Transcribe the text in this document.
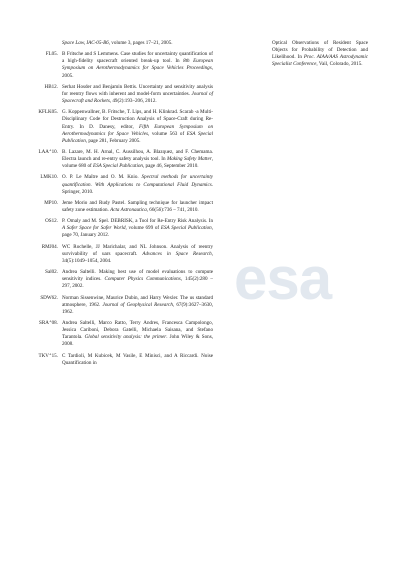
esa
Space Law, IAC-05-B6, volume 3, pages 17–21, 2005.
FL05. B Fritsche and S Lemmens. Case studies for uncertainty quantification of a high-fidelity spacecraft oriented break-up tool. In 8th European Symposium on Aerothermodynamics for Space Vehicles Proceedings, 2005.
HB12. Serhat Hosder and Benjamin Bettis. Uncertainty and sensitivity analysis for reentry flows with inherent and model-form uncertainties. Journal of Spacecraft and Rockets, 49(2):193–206, 2012.
KFLK05. G. Koppenwallner, B. Fritsche, T. Lips, and H. Klinkrad. Scarab -a Multi-Disciplinary Code for Destruction Analysis of Space-Craft during Re-Entry. In D. Danesy, editor, Fifth European Symposium on Aerothermodynamics for Space Vehicles, volume 563 of ESA Special Publication, page 281, February 2005.
LAA⁺10. B. Lazare, M. H. Arnal, C. Aussilhou, A. Blazquez, and F. Chemama. Electra launch and re-entry safety analysis tool. In Making Safety Matter, volume 680 of ESA Special Publication, page 46, September 2010.
LMK10. O. P. Le Maître and O. M. Knio. Spectral methods for uncertainty quantification. With Applications to Computational Fluid Dynamics. Springer, 2010.
MP10. Jeme Morio and Rudy Pastel. Sampling technique for launcher impact safety zone estimation. Acta Astronautica, 66(56):736 – 741, 2010.
OS12. P. Omaly and M. Spel. DEBRISK, a Tool for Re-Entry Risk Analysis. In A Safer Space for Safer World, volume 699 of ESA Special Publication, page 70, January 2012.
RMJ04. WC Rochelle, JJ Marichalar, and NL Johnson. Analysis of reentry survivability of uars spacecraft. Advances in Space Research, 34(5):1049–1054, 2004.
Sal02. Andrea Saltelli. Making best use of model evaluations to compute sensitivity indices. Computer Physics Communications, 145(2):280 – 297, 2002.
SDW62. Norman Sissenwine, Maurice Dubin, and Harry Wexler. The us standard atmosphere, 1962. Journal of Geophysical Research, 67(9):3627–3630, 1962.
SRA⁺08. Andrea Saltelli, Marco Ratto, Terry Andres, Francesca Campolongo, Jessica Cariboni, Debora Gatelli, Michaela Saisana, and Stefano Tarantola. Global sensitivity analysis: the primer. John Wiley & Sons, 2008.
TKV⁺15. C Tardioli, M Kubicek, M Vasile, E Minisci, and A Riccardi. Noise Quantification in
Optical Observations of Resident Space Objects for Probability of Detection and Likelihood. In Proc. AIAA/AAS Astrodynamic Specialist Conference, Vail, Colorado, 2015.
